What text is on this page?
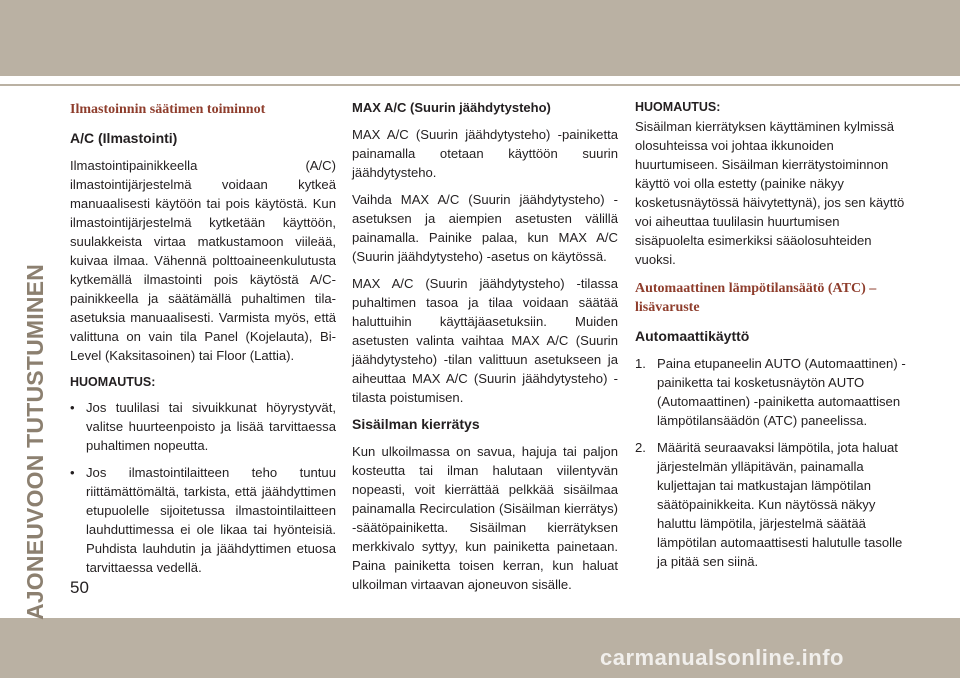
AJONEUVOON TUTUSTUMINEN
Ilmastoinnin säätimen toiminnot
A/C (Ilmastointi)

Ilmastointipainikkeella (A/C) ilmastointijärjestelmä voidaan kytkeä manuaalisesti käytöön tai pois käytöstä. Kun ilmastointijärjestelmä kytketään käyttöön, suulakkeista virtaa matkustamoon viileää, kuivaa ilmaa. Vähennä polttoaineenkulutusta kytkemällä ilmastointi pois käytöstä A/C-painikkeella ja säätämällä puhaltimen tila-asetuksia manuaalisesti. Varmista myös, että valittuna on vain tila Panel (Kojelauta), Bi-Level (Kaksitasoinen) tai Floor (Lattia).

HUOMAUTUS:
• Jos tuulilasi tai sivuikkunat höyrystyvät, valitse huurteenpoisto ja lisää tarvittaessa puhaltimen nopeutta.
• Jos ilmastointilaitteen teho tuntuu riittämättömältä, tarkista, että jäähdyttimen etupuolelle sijoitetussa ilmastointilaitteen lauhduttimessa ei ole likaa tai hyönteisiä. Puhdista lauhdutin ja jäähdyttimen etuosa tarvittaessa vedellä.
MAX A/C (Suurin jäähdytysteho)

MAX A/C (Suurin jäähdytysteho) -painiketta painamalla otetaan käyttöön suurin jäähdytysteho.

Vaihda MAX A/C (Suurin jäähdytysteho) -asetuksen ja aiempien asetusten välillä painamalla. Painike palaa, kun MAX A/C (Suurin jäähdytysteho) -asetus on käytössä.

MAX A/C (Suurin jäähdytysteho) -tilassa puhaltimen tasoa ja tilaa voidaan säätää haluttuihin käyttäjäasetuksiin. Muiden asetusten valinta vaihtaa MAX A/C (Suurin jäähdytysteho) -tilan valittuun asetukseen ja aiheuttaa MAX A/C (Suurin jäähdytysteho) -tilasta poistumisen.

Sisäilman kierrätys

Kun ulkoilmassa on savua, hajuja tai paljon kosteutta tai ilman halutaan viilentyvän nopeasti, voit kierrättää pelkkää sisäilmaa painamalla Recirculation (Sisäilman kierrätys) -säätöpainiketta. Sisäilman kierrätyksen merkkivalo syttyy, kun painiketta painetaan. Paina painiketta toisen kerran, kun haluat ulkoilman virtaavan ajoneuvon sisälle.

HUOMAUTUS:

Sisäilman kierrätyksen käyttäminen kylmissä olosuhteissa voi johtaa ikkunoiden huurtumiseen. Sisäilman kierrätystoiminnon käyttö voi olla estetty (painike näkyy kosketusnäytössä häivytettynä), jos sen käyttö voi aiheuttaa tuulilasin huurtumisen sisäpuolelta esimerkiksi sääolosuhteiden vuoksi.

Automaattinen lämpötilansäätö (ATC) – lisävaruste
Automaattikäyttö
1. Paina etupaneelin AUTO (Automaattinen) -painiketta tai kosketusnäytön AUTO (Automaattinen) -painiketta automaattisen lämpötilansäädön (ATC) paneelissa.
2. Määritä seuraavaksi lämpötila, jota haluat järjestelmän ylläpitävän, painamalla kuljettajan tai matkustajan lämpötilan säätöpainikkeita. Kun näytössä näkyy haluttu lämpötila, järjestelmä säätää lämpötilan automaattisesti halutulle tasolle ja pitää sen siinä.
50
carmanualsonline.info
